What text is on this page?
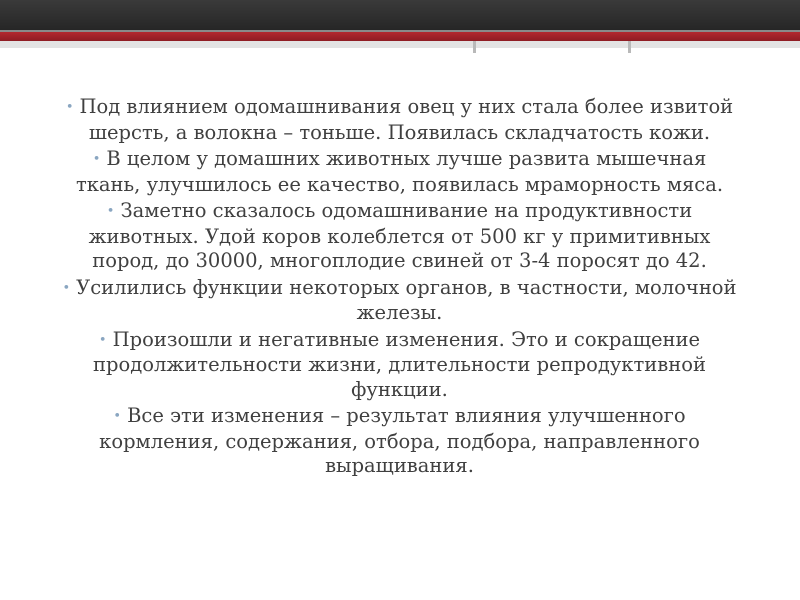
• Под влиянием одомашнивания овец у них стала более извитой шерсть, а волокна – тоньше. Появилась складчатость кожи.
• В целом у домашних животных лучше развита мышечная ткань, улучшилось ее качество, появилась мраморность мяса.
• Заметно сказалось одомашнивание на продуктивности животных. Удой коров колеблется от 500 кг у примитивных пород, до 30000, многоплодие свиней от 3-4 поросят до 42.
• Усилились функции некоторых органов, в частности, молочной железы.
• Произошли и негативные изменения. Это и сокращение продолжительности жизни, длительности репродуктивной функции.
• Все эти изменения – результат влияния улучшенного кормления, содержания, отбора, подбора, направленного выращивания.
